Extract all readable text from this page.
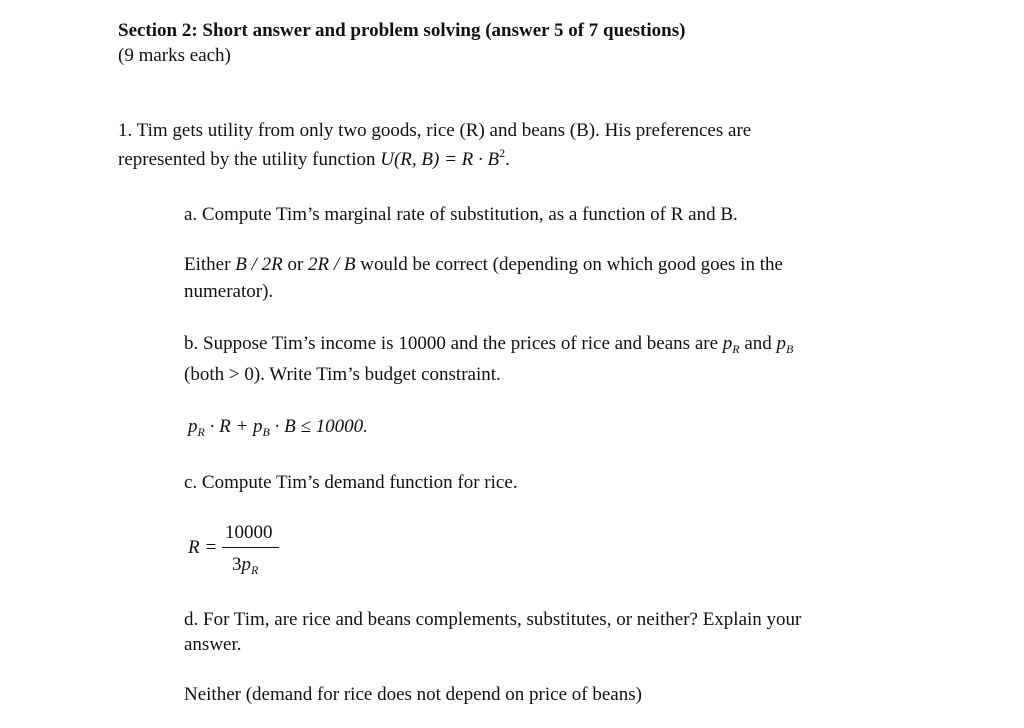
Section 2: Short answer and problem solving (answer 5 of 7 questions)
(9 marks each)
1. Tim gets utility from only two goods, rice (R) and beans (B). His preferences are
represented by the utility function U(R, $B) = R \cdot B^2$.
a. Compute Tim’s marginal rate of substitution, as a function of R and B.
Either B / 2R or 2R / B would be correct (depending on which good goes in the
numerator).
b. Suppose Tim’s income is 10000 and the prices of rice and beans are $p_R$ and $p_B$
(both > 0). Write Tim’s budget constraint.
$p_R \cdot R + p_B \cdot B \le 10000$.
c. Compute Tim’s demand function for rice.
R =
10000
$3p_R$
d. For Tim, are rice and beans complements, substitutes, or neither? Explain your
answer.
Neither (demand for rice does not depend on price of beans)
